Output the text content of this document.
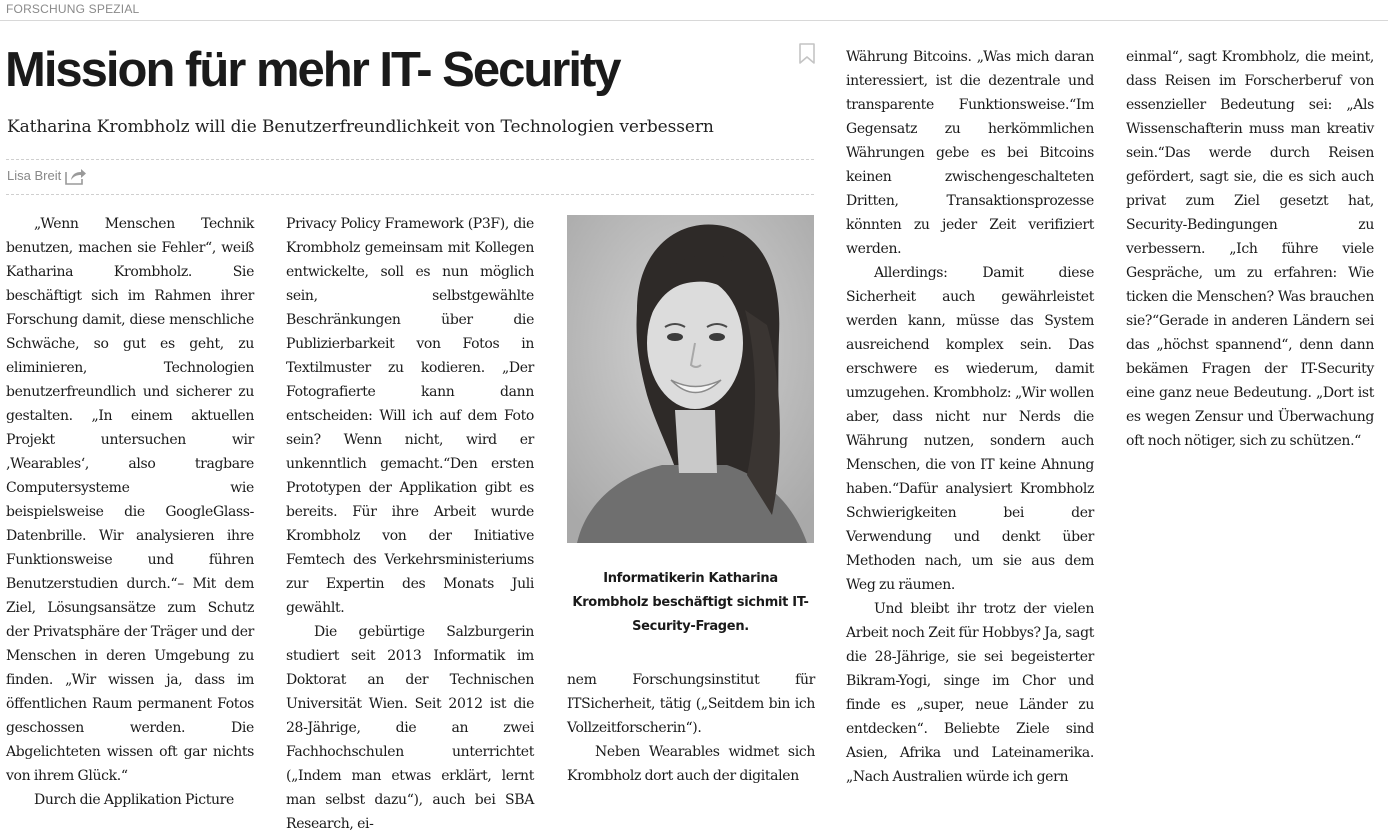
FORSCHUNG SPEZIAL
Mission für mehr IT- Security
Katharina Krombholz will die Benutzerfreundlichkeit von Technologien verbessern
Lisa Breit

„Wenn Menschen Technik benutzen, machen sie Fehler“, weiß Katharina Krombholz. Sie beschäftigt sich im Rahmen ihrer Forschung damit, diese menschliche Schwäche, so gut es geht, zu eliminieren, Technologien benutzerfreundlich und sicherer zu gestalten. „In einem aktuellen Projekt untersuchen wir ‚Wearables‘, also tragbare Computersysteme wie beispielsweise die GoogleGlass-Datenbrille. Wir analysieren ihre Funktionsweise und führen Benutzerstudien durch.“– Mit dem Ziel, Lösungsansätze zum Schutz der Privatsphäre der Träger und der Menschen in deren Umgebung zu finden. „Wir wissen ja, dass im öffentlichen Raum permanent Fotos geschossen werden. Die Abgelichteten wissen oft gar nichts von ihrem Glück.“

Durch die Applikation Picture

Privacy Policy Framework (P3F), die Krombholz gemeinsam mit Kollegen entwickelte, soll es nun möglich sein, selbstgewählte Beschränkungen über die Publizierbarkeit von Fotos in Textilmuster zu kodieren. „Der Fotografierte kann dann entscheiden: Will ich auf dem Foto sein? Wenn nicht, wird er unkenntlich gemacht.“Den ersten Prototypen der Applikation gibt es bereits. Für ihre Arbeit wurde Krombholz von der Initiative Femtech des Verkehrsministeriums zur Expertin des Monats Juli gewählt.

Die gebürtige Salzburgerin studiert seit 2013 Informatik im Doktorat an der Technischen Universität Wien. Seit 2012 ist die 28-Jährige, die an zwei Fachhochschulen unterrichtet („Indem man etwas erklärt, lernt man selbst dazu“), auch bei SBA Research, ei-

Informatikerin Katharina Krombholz beschäftigt sichmit IT-Security-Fragen.

nem Forschungsinstitut für ITSicherheit, tätig („Seitdem bin ich Vollzeitforscherin“).

Neben Wearables widmet sich Krombholz dort auch der digitalen

Währung Bitcoins. „Was mich daran interessiert, ist die dezentrale und transparente Funktionsweise.“Im Gegensatz zu herkömmlichen Währungen gebe es bei Bitcoins keinen zwischengeschalteten Dritten, Transaktionsprozesse könnten zu jeder Zeit verifiziert werden.

Allerdings: Damit diese Sicherheit auch gewährleistet werden kann, müsse das System ausreichend komplex sein. Das erschwere es wiederum, damit umzugehen. Krombholz: „Wir wollen aber, dass nicht nur Nerds die Währung nutzen, sondern auch Menschen, die von IT keine Ahnung haben.“Dafür analysiert Krombholz Schwierigkeiten bei der Verwendung und denkt über Methoden nach, um sie aus dem Weg zu räumen.

Und bleibt ihr trotz der vielen Arbeit noch Zeit für Hobbys? Ja, sagt die 28-Jährige, sie sei begeisterter Bikram-Yogi, singe im Chor und finde es „super, neue Länder zu entdecken“. Beliebte Ziele sind Asien, Afrika und Lateinamerika. „Nach Australien würde ich gern

einmal“, sagt Krombholz, die meint, dass Reisen im Forscherberuf von essenzieller Bedeutung sei: „Als Wissenschafterin muss man kreativ sein.“Das werde durch Reisen gefördert, sagt sie, die es sich auch privat zum Ziel gesetzt hat, Security-Bedingungen zu verbessern. „Ich führe viele Gespräche, um zu erfahren: Wie ticken die Menschen? Was brauchen sie?“Gerade in anderen Ländern sei das „höchst spannend“, denn dann bekämen Fragen der IT-Security eine ganz neue Bedeutung. „Dort ist es wegen Zensur und Überwachung oft noch nötiger, sich zu schützen.“
